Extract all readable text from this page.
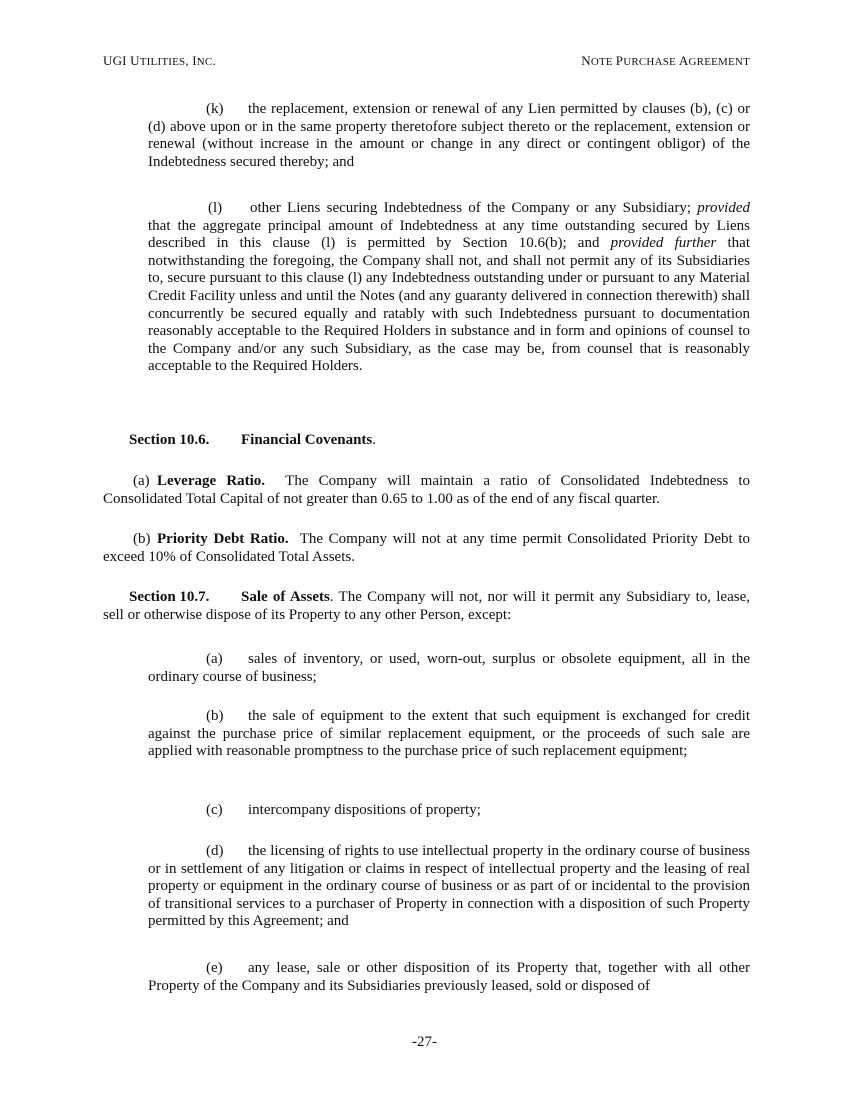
UGI UTILITIES, INC.	NOTE PURCHASE AGREEMENT

(k) the replacement, extension or renewal of any Lien permitted by clauses (b), (c) or (d) above upon or in the same property theretofore subject thereto or the replacement, extension or renewal (without increase in the amount or change in any direct or contingent obligor) of the Indebtedness secured thereby; and

(l) other Liens securing Indebtedness of the Company or any Subsidiary; provided that the aggregate principal amount of Indebtedness at any time outstanding secured by Liens described in this clause (l) is permitted by Section 10.6(b); and provided further that notwithstanding the foregoing, the Company shall not, and shall not permit any of its Subsidiaries to, secure pursuant to this clause (l) any Indebtedness outstanding under or pursuant to any Material Credit Facility unless and until the Notes (and any guaranty delivered in connection therewith) shall concurrently be secured equally and ratably with such Indebtedness pursuant to documentation reasonably acceptable to the Required Holders in substance and in form and opinions of counsel to the Company and/or any such Subsidiary, as the case may be, from counsel that is reasonably acceptable to the Required Holders.

Section 10.6. Financial Covenants.

(a) Leverage Ratio. The Company will maintain a ratio of Consolidated Indebtedness to Consolidated Total Capital of not greater than 0.65 to 1.00 as of the end of any fiscal quarter.

(b) Priority Debt Ratio. The Company will not at any time permit Consolidated Priority Debt to exceed 10% of Consolidated Total Assets.

Section 10.7. Sale of Assets. The Company will not, nor will it permit any Subsidiary to, lease, sell or otherwise dispose of its Property to any other Person, except:

(a) sales of inventory, or used, worn-out, surplus or obsolete equipment, all in the ordinary course of business;

(b) the sale of equipment to the extent that such equipment is exchanged for credit against the purchase price of similar replacement equipment, or the proceeds of such sale are applied with reasonable promptness to the purchase price of such replacement equipment;

(c) intercompany dispositions of property;

(d) the licensing of rights to use intellectual property in the ordinary course of business or in settlement of any litigation or claims in respect of intellectual property and the leasing of real property or equipment in the ordinary course of business or as part of or incidental to the provision of transitional services to a purchaser of Property in connection with a disposition of such Property permitted by this Agreement; and

(e) any lease, sale or other disposition of its Property that, together with all other Property of the Company and its Subsidiaries previously leased, sold or disposed of

-27-
